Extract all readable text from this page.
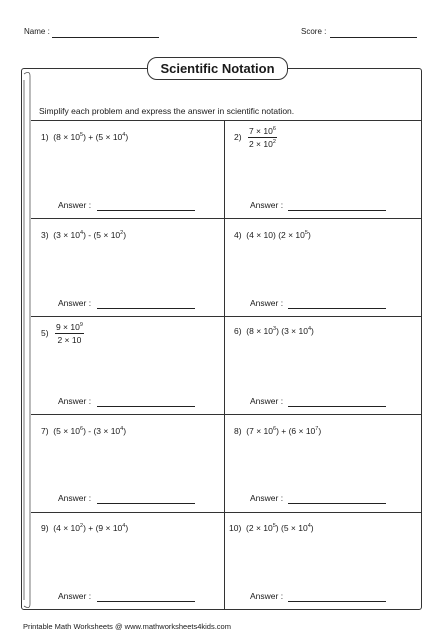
Name :	Score :
Scientific Notation
Simplify each problem and express the answer in scientific notation.
1) $(8 \times 10^5) + (5 \times 10^4)$	$2) \frac{7 \times 10^6}{2 \times 10^2}$
3) $(3 \times 10^4) - (5 \times 10^2)$	4) (4 × 10) $(2 \times 10^5)$
$5) \frac{9 \times 10^9}{2 \times 10}$	6) $(8 \times 10^3)$ $(3 \times 10^4)$
7) $(5 \times 10^6) - (3 \times 10^4)$	8) $(7 \times 10^6) + (6 \times 10^7)$
9) $(4 \times 10^2) + (9 \times 10^4)$	10) $(2 \times 10^5)$ $(5 \times 10^4)$
Answer :	Answer :
Answer :	Answer :
Answer :	Answer :
Answer :	Answer :
Answer :	Answer :
Printable Math Worksheets @ www.mathworksheets4kids.com
